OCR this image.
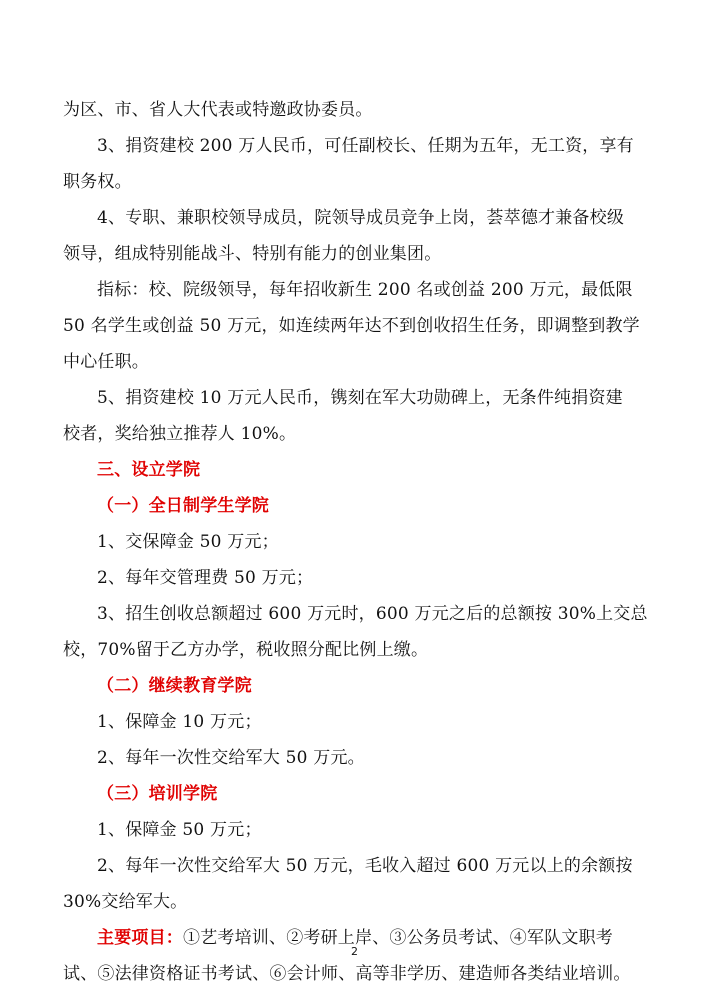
为区、市、省人大代表或特邀政协委员。
3、捐资建校 200 万人民币，可任副校长、任期为五年，无工资，享有
职务权。
4、专职、兼职校领导成员，院领导成员竞争上岗，荟萃德才兼备校级
领导，组成特别能战斗、特别有能力的创业集团。
指标：校、院级领导，每年招收新生 200 名或创益 200 万元，最低限
50 名学生或创益 50 万元，如连续两年达不到创收招生任务，即调整到教学
中心任职。
5、捐资建校 10 万元人民币，镌刻在军大功勋碑上，无条件纯捐资建
校者，奖给独立推荐人 10%。
三、设立学院
（一）全日制学生学院
1、交保障金 50 万元；
2、每年交管理费 50 万元；
3、招生创收总额超过 600 万元时，600 万元之后的总额按 30%上交总
校，70%留于乙方办学，税收照分配比例上缴。
（二）继续教育学院
1、保障金 10 万元；
2、每年一次性交给军大 50 万元。
（三）培训学院
1、保障金 50 万元；
2、每年一次性交给军大 50 万元，毛收入超过 600 万元以上的余额按
30%交给军大。
主要项目：①艺考培训、②考研上岸、③公务员考试、④军队文职考
试、⑤法律资格证书考试、⑥会计师、高等非学历、建造师各类结业培训。
2
